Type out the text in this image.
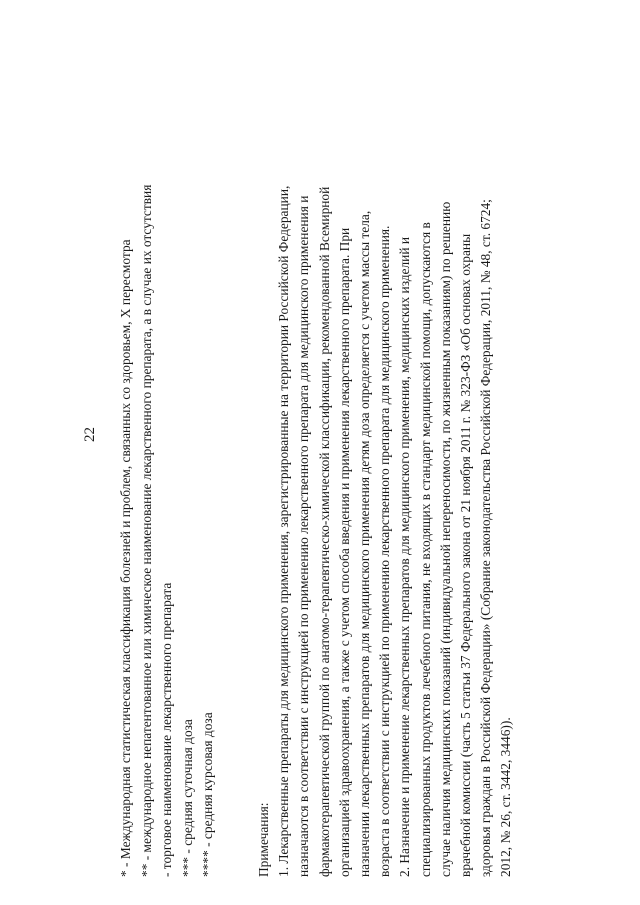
22 * - Международная статистическая классификация болезней и проблем, связанных со здоровьем, X пересмотра ** - международное непатентованное или химическое наименование лекарственного препарата, а в случае их отсутствия - торговое наименование лекарственного препарата *** - средняя суточная доза **** - средняя курсовая доза	Примечания: 1. Лекарственные препараты для медицинского применения, зарегистрированные на территории Российской Федерации, назначаются в соответствии с инструкцией по применению лекарственного препарата для медицинского применения и фармакотерапевтической группой по анатомо-терапевтическо-химической классификации, рекомендованной Всемирной организацией здравоохранения, а также с учетом способа введения и применения лекарственного препарата. При назначении лекарственных препаратов для медицинского применения детям доза определяется с учетом массы тела, возраста в соответствии с инструкцией по применению лекарственного препарата для медицинского применения. 2. Назначение и применение лекарственных препаратов для медицинского применения, медицинских изделий и специализированных продуктов лечебного питания, не входящих в стандарт медицинской помощи, допускаются в случае наличия медицинских показаний (индивидуальной непереносимости, по жизненным показаниям) по решению врачебной комиссии (часть 5 статьи 37 Федерального закона от 21 ноября 2011 г. № 323-ФЗ «Об основах охраны здоровья граждан в Российской Федерации» (Собрание законодательства Российской Федерации, 2011, № 48, ст. 6724; 2012, № 26, ст. 3442, 3446)).
